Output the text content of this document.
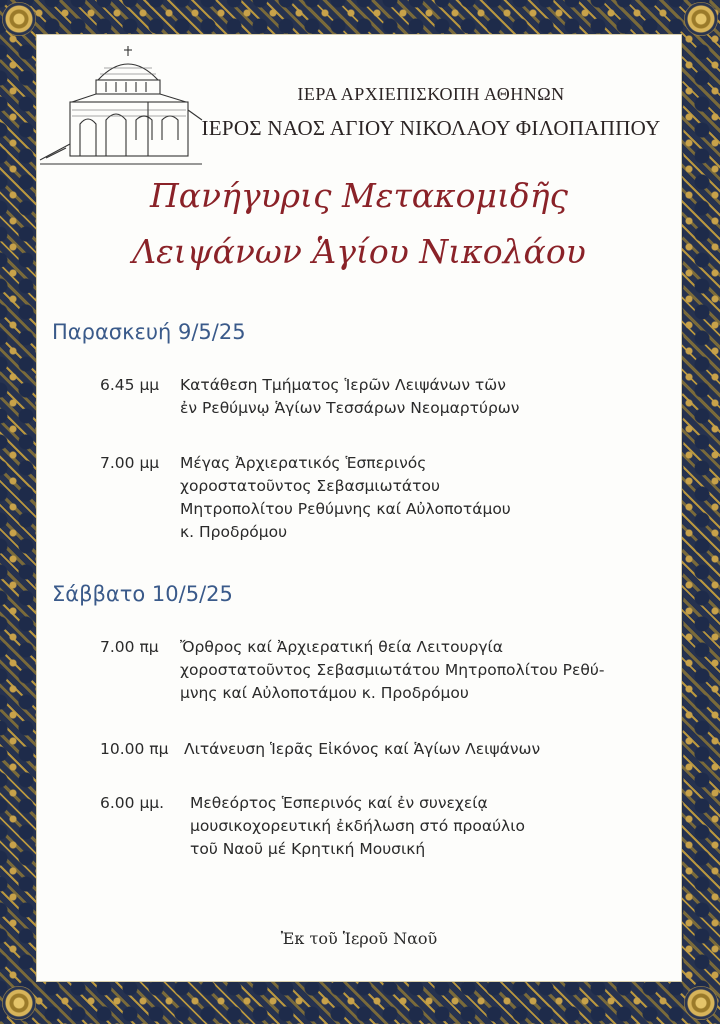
ΙΕΡΑ ΑΡΧΙΕΠΙΣΚΟΠΗ ΑΘΗΝΩΝ
ΙΕΡΟΣ ΝΑΟΣ ΑΓΙΟΥ ΝΙΚΟΛΑΟΥ ΦΙΛΟΠΑΠΠΟΥ
Πανήγυρις Μετακομιδῆς
Λειψάνων Ἁγίου Νικολάου
Παρασκευή 9/5/25
6.45 μμ Κατάθεση Τμήματος Ἱερῶν Λειψάνων τῶν
ἐν Ρεθύμνῳ Ἁγίων Τεσσάρων Νεομαρτύρων
7.00 μμ Μέγας Ἀρχιερατικός Ἑσπερινός
χοροστατοῦντος Σεβασμιωτάτου
Μητροπολίτου Ρεθύμνης καί Αὐλοποτάμου
κ. Προδρόμου
Σάββατο 10/5/25
7.00 πμ Ὄρθρος καί Ἀρχιερατική θεία Λειτουργία
χοροστατοῦντος Σεβασμιωτάτου Μητροπολίτου Ρεθύ-
μνης καί Αὐλοποτάμου κ. Προδρόμου
10.00 πμ Λιτάνευση Ἱερᾶς Εἰκόνος καί Ἁγίων Λειψάνων
6.00 μμ. Μεθεόρτος Ἑσπερινός καί ἐν συνεχείᾳ
μουσικοχορευτική ἐκδήλωση στό προαύλιο
τοῦ Ναοῦ μέ Κρητική Μουσική
Ἐκ τοῦ Ἱεροῦ Ναοῦ
